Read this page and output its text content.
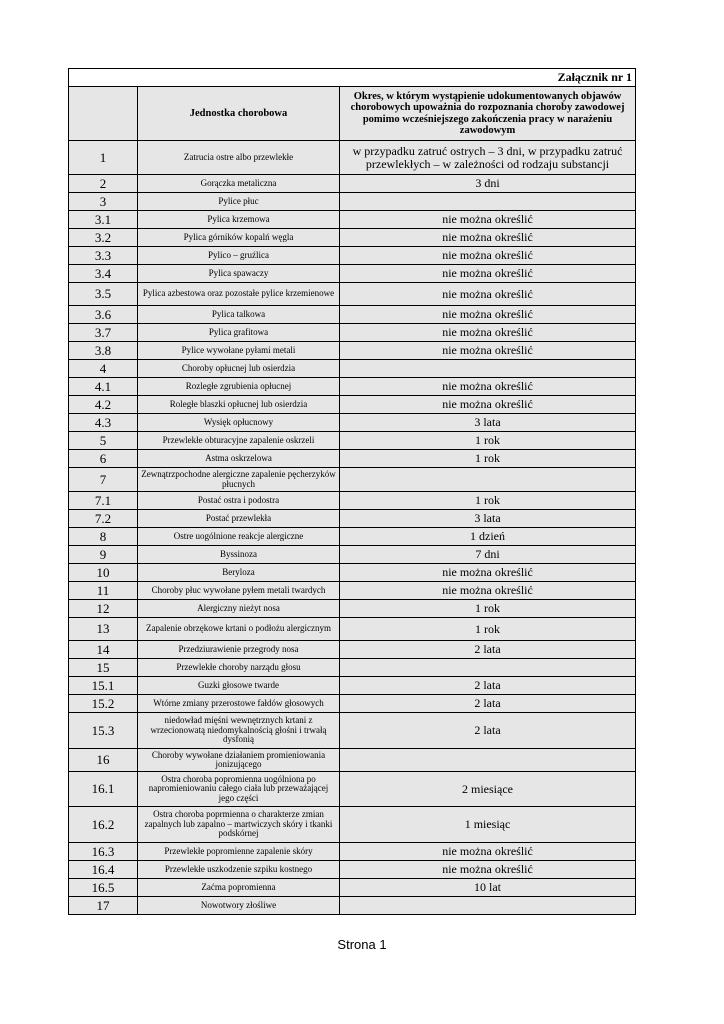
Załącznik nr 1		
	Jednostka chorobowa	Okres, w którym wystąpienie udokumentowanych objawów chorobowych upoważnia do rozpoznania choroby zawodowej pomimo wcześniejszego zakończenia pracy w narażeniu zawodowym
1	Zatrucia ostre albo przewlekłe	w przypadku zatruć ostrych – 3 dni, w przypadku zatruć przewlekłych – w zależności od rodzaju substancji
2	Gorączka metaliczna	3 dni
3	Pylice płuc	
3.1	Pylica krzemowa	nie można określić
3.2	Pylica górników kopalń węgla	nie można określić
3.3	Pylico – gruźlica	nie można określić
3.4	Pylica spawaczy	nie można określić
3.5	Pylica azbestowa oraz pozostałe pylice krzemienowe	nie można określić
3.6	Pylica talkowa	nie można określić
3.7	Pylica grafitowa	nie można określić
3.8	Pylice wywołane pyłami metali	nie można określić
4	Choroby opłucnej lub osierdzia	
4.1	Rozległe zgrubienia opłucnej	nie można określić
4.2	Roległe blaszki opłucnej lub osierdzia	nie można określić
4.3	Wysięk opłucnowy	3 lata
5	Przewlekłe obturacyjne zapalenie oskrzeli	1 rok
6	Astma oskrzelowa	1 rok
7	Zewnątrzpochodne alergiczne zapalenie pęcherzyków płucnych	
7.1	Postać ostra i podostra	1 rok
7.2	Postać przewlekła	3 lata
8	Ostre uogólnione reakcje alergiczne	1 dzień
9	Byssinoza	7 dni
10	Beryloza	nie można określić
11	Choroby płuc wywołane pyłem metali twardych	nie można określić
12	Alergiczny nieżyt nosa	1 rok
13	Zapalenie obrzękowe krtani o podłożu alergicznym	1 rok
14	Przedziurawienie przegrody nosa	2 lata
15	Przewlekłe choroby narządu głosu	
15.1	Guzki głosowe twarde	2 lata
15.2	Wtórne zmiany przerostowe fałdów głosowych	2 lata
15.3	niedowład mięśni wewnętrznych krtani z wrzecionowatą niedomykalnością głośni i trwałą dysfonią	2 lata
16	Choroby wywołane działaniem promieniowania jonizującego	
16.1	Ostra choroba popromienna uogólniona po napromieniowaniu całego ciała lub przeważającej jego części	2 miesiące
16.2	Ostra choroba poprmienna o charakterze zmian zapalnych lub zapalno – martwiczych skóry i tkanki podskórnej	1 miesiąc
16.3	Przewlekłe popromienne zapalenie skóry	nie można określić
16.4	Przewlekłe uszkodzenie szpiku kostnego	nie można określić
16.5	Zaćma popromienna	10 lat
17	Nowotwory złośliwe	
Strona 1
